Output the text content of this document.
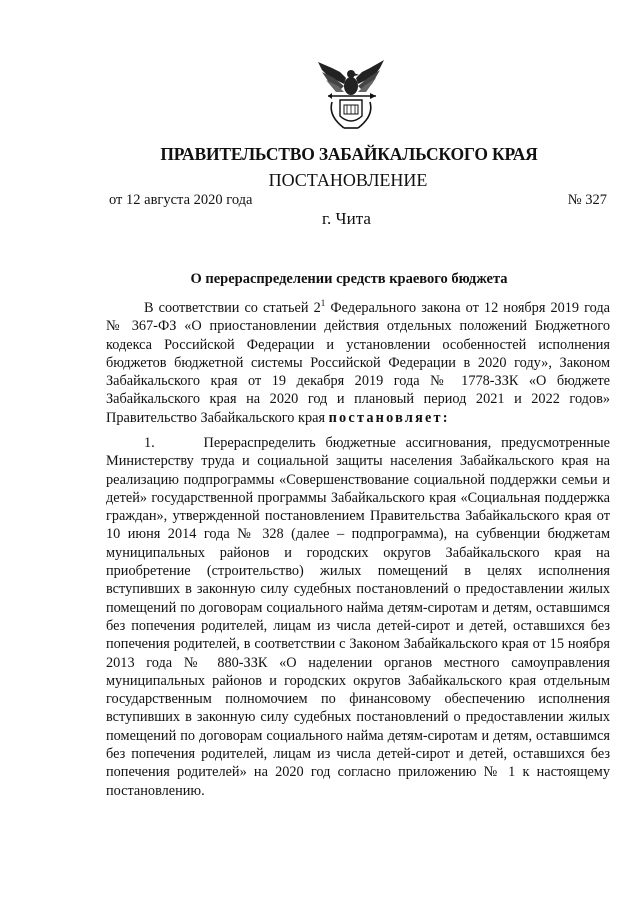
ПРАВИТЕЛЬСТВО ЗАБАЙКАЛЬСКОГО КРАЯ
ПОСТАНОВЛЕНИЕ
от 12 августа 2020 года	№ 327
г. Чита
О перераспределении средств краевого бюджета
В соответствии со статьей $2^1$ Федерального закона от 12 ноября 2019 года № 367-ФЗ «О приостановлении действия отдельных положений Бюджетного кодекса Российской Федерации и установлении особенностей исполнения бюджетов бюджетной системы Российской Федерации в 2020 году», Законом Забайкальского края от 19 декабря 2019 года № 1778-ЗЗК «О бюджете Забайкальского края на 2020 год и плановый период 2021 и 2022 годов» Правительство Забайкальского края постановляет:
1.     Перераспределить бюджетные ассигнования, предусмотренные Министерству труда и социальной защиты населения Забайкальского края на реализацию подпрограммы «Совершенствование социальной поддержки семьи и детей» государственной программы Забайкальского края «Социальная поддержка граждан», утвержденной постановлением Правительства Забайкальского края от 10 июня 2014 года № 328 (далее – подпрограмма), на субвенции бюджетам муниципальных районов и городских округов Забайкальского края на приобретение (строительство) жилых помещений в целях исполнения вступивших в законную силу судебных постановлений о предоставлении жилых помещений по договорам социального найма детям-сиротам и детям, оставшимся без попечения родителей, лицам из числа детей-сирот и детей, оставшихся без попечения родителей, в соответствии с Законом Забайкальского края от 15 ноября 2013 года № 880-ЗЗК «О наделении органов местного самоуправления муниципальных районов и городских округов Забайкальского края отдельным государственным полномочием по финансовому обеспечению исполнения вступивших в законную силу судебных постановлений о предоставлении жилых помещений по договорам социального найма детям-сиротам и детям, оставшимся без попечения родителей, лицам из числа детей-сирот и детей, оставшихся без попечения родителей» на 2020 год согласно приложению № 1 к настоящему постановлению.
